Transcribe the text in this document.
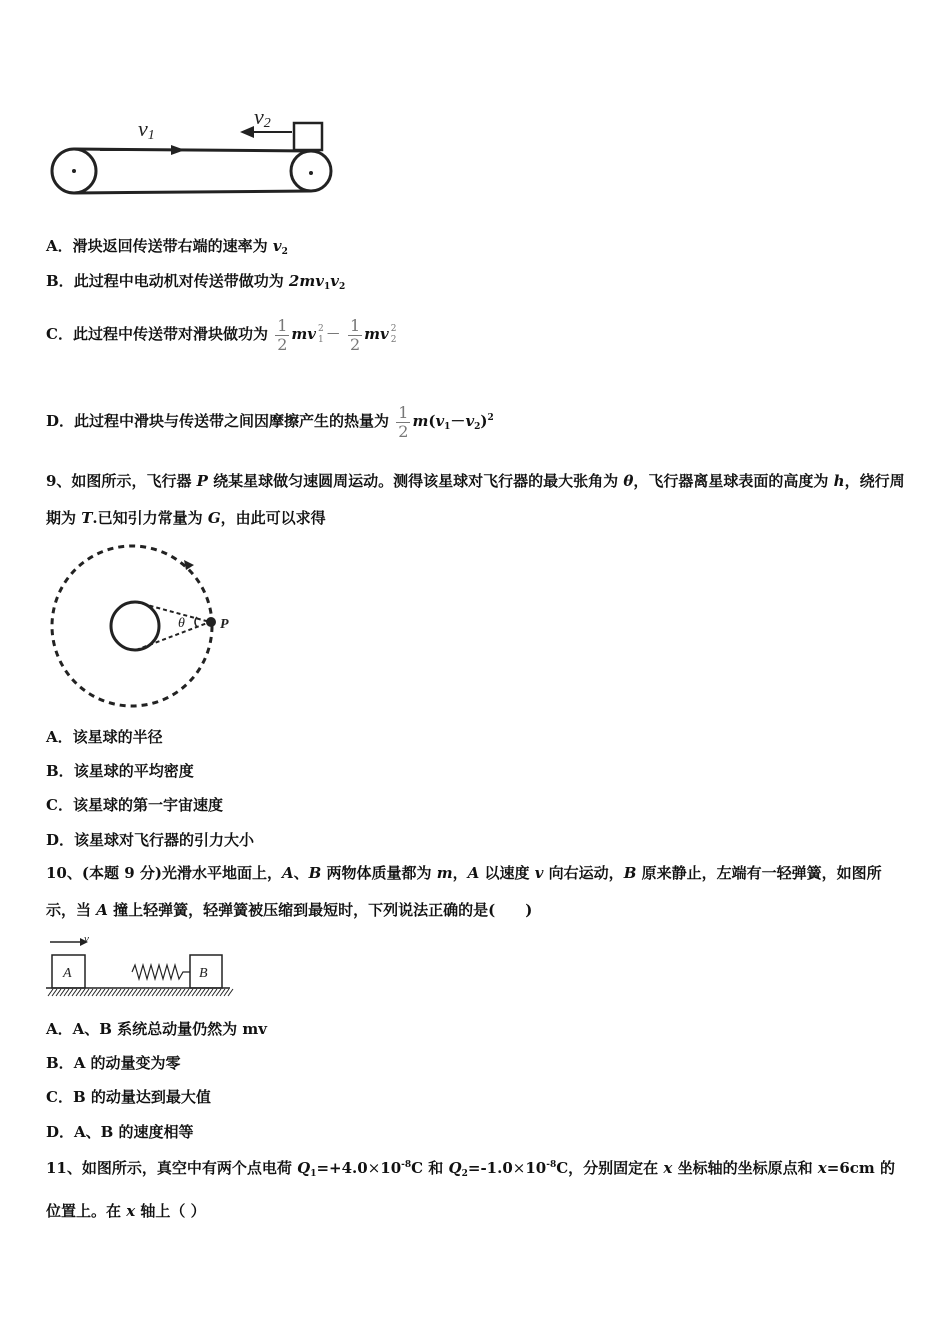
v1
v2
A．滑块返回传送带右端的速率为 $v_2$
B．此过程中电动机对传送带做功为 $2mv_1v_2$
C．此过程中传送带对滑块做功为 $\frac{1}{2}$ mv 2
$1 - \frac{1}{2}$ mv 2
2
D．此过程中滑块与传送带之间因摩擦产生的热量为 $\frac{1}{2} m(v_1-v_2)^2$
9、如图所示，飞行器 P 绕某星球做匀速圆周运动。测得该星球对飞行器的最大张角为 θ，飞行器离星球表面的高度为 h，绕行周期为 T.已知引力常量为 G，由此可以求得
θ	P
A．该星球的半径
B．该星球的平均密度
C．该星球的第一宇宙速度
D．该星球对飞行器的引力大小
10、(本题 9 分)光滑水平地面上，A、B 两物体质量都为 m，A 以速度 v 向右运动，B 原来静止，左端有一轻弹簧，如图所示，当 A 撞上轻弹簧，轻弹簧被压缩到最短时，下列说法正确的是(　　)
v
A	B
A．A、B 系统总动量仍然为 mv
B．A 的动量变为零
C．B 的动量达到最大值
D．A、B 的速度相等
11、如图所示，真空中有两个点电荷 $Q_1=+4.0\times 10^{-8}C$ 和 $Q_2=-1.0\times 10^{-8}C$，分别固定在 x 坐标轴的坐标原点和 x=6cm 的位置上。在 x 轴上（ ）
